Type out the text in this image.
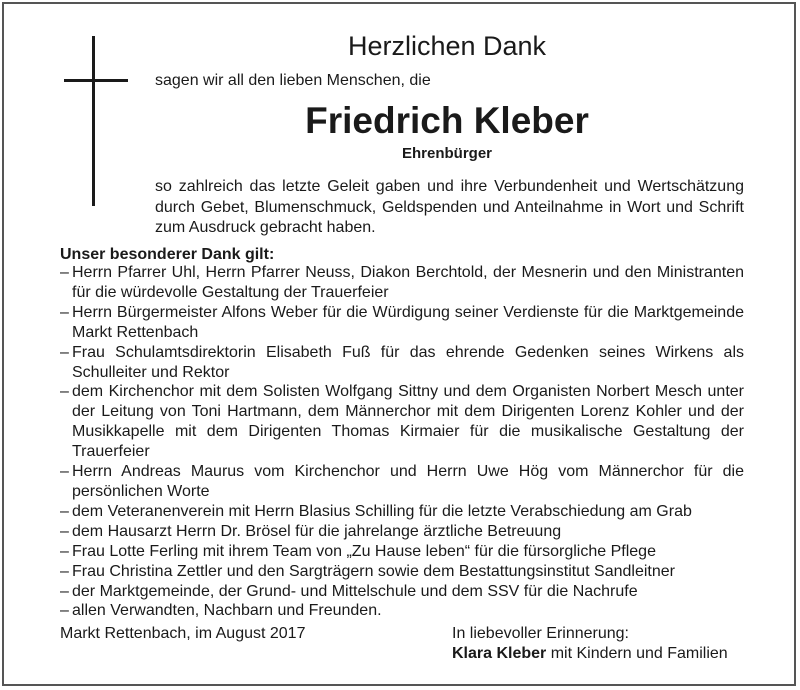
Herzlichen Dank
sagen wir all den lieben Menschen, die
Friedrich Kleber
Ehrenbürger
so zahlreich das letzte Geleit gaben und ihre Verbundenheit und Wertschätzung durch Gebet, Blumenschmuck, Geldspenden und Anteilnahme in Wort und Schrift zum Ausdruck gebracht haben.
Unser besonderer Dank gilt:
– Herrn Pfarrer Uhl, Herrn Pfarrer Neuss, Diakon Berchtold, der Mesnerin und den Ministranten für die würdevolle Gestaltung der Trauerfeier
– Herrn Bürgermeister Alfons Weber für die Würdigung seiner Verdienste für die Marktgemeinde Markt Rettenbach
– Frau Schulamtsdirektorin Elisabeth Fuß für das ehrende Gedenken seines Wirkens als Schulleiter und Rektor
– dem Kirchenchor mit dem Solisten Wolfgang Sittny und dem Organisten Norbert Mesch unter der Leitung von Toni Hartmann, dem Männerchor mit dem Dirigenten Lorenz Kohler und der Musikkapelle mit dem Dirigenten Thomas Kirmaier für die musikalische Gestaltung der Trauerfeier
– Herrn Andreas Maurus vom Kirchenchor und Herrn Uwe Hög vom Männerchor für die persönlichen Worte
– dem Veteranenverein mit Herrn Blasius Schilling für die letzte Verabschiedung am Grab
– dem Hausarzt Herrn Dr. Brösel für die jahrelange ärztliche Betreuung
– Frau Lotte Ferling mit ihrem Team von „Zu Hause leben“ für die fürsorgliche Pflege
– Frau Christina Zettler und den Sargträgern sowie dem Bestattungsinstitut Sandleitner
– der Marktgemeinde, der Grund- und Mittelschule und dem SSV für die Nachrufe
– allen Verwandten, Nachbarn und Freunden.
Markt Rettenbach, im August 2017	In liebevoller Erinnerung:
Klara Kleber mit Kindern und Familien
